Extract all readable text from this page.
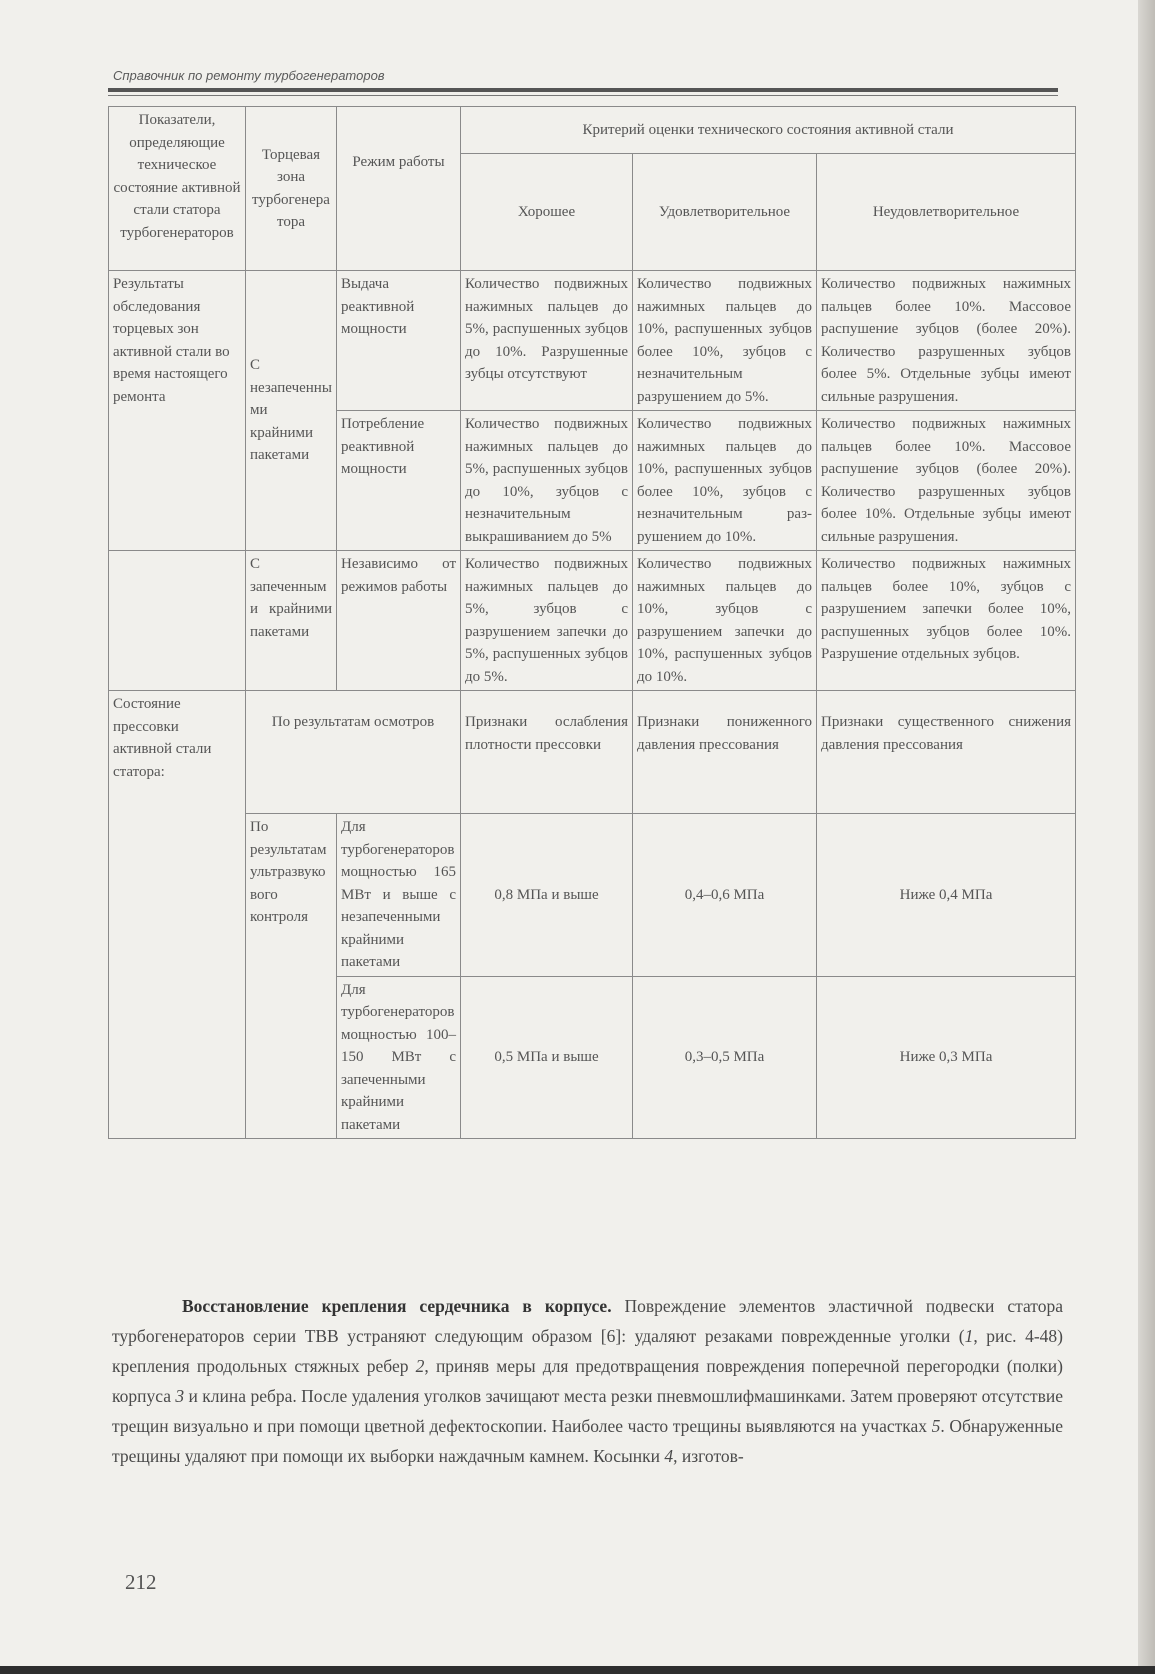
Справочник по ремонту турбогенераторов
Показатели, определяющие техническое состояние активной стали статора турбогенераторов	Торцевая зона турбогенератора	Режим работы	Критерий оценки технического состояния активной стали		
			Хорошее	Удовлетворительное	Неудовлетворительное
Результаты обследования торцевых зон активной стали во время настоящего ремонта	С незапеченными крайними пакетами	Выдача реактивной мощности	Количество подвижных нажимных пальцев до 5%, распушенных зубцов до 10%. Разрушенные зубцы отсутствуют	Количество подвижных нажимных пальцев до 10%, распушенных зубцов более 10%, зубцов с незначительным разрушением до 5%.	Количество подвижных нажимных пальцев более 10%. Массовое распушение зубцов (более 20%). Количество разрушенных зубцов более 5%. Отдельные зубцы имеют сильные разрушения.
		Потребление реактивной мощности	Количество подвижных нажимных пальцев до 5%, распушенных зубцов до 10%, зубцов с незначительным выкрашиванием до 5%	Количество подвижных нажимных пальцев до 10%, распушенных зубцов более 10%, зубцов с незначительным раз-рушением до 10%.	Количество подвижных нажимных пальцев более 10%. Массовое распушение зубцов (более 20%). Количество разрушенных зубцов более 10%. Отдельные зубцы имеют сильные разрушения.
	С запеченными крайними пакетами	Независимо от режимов работы	Количество подвижных нажимных пальцев до 5%, зубцов с разрушением запечки до 5%, распушенных зубцов до 5%.	Количество подвижных нажимных пальцев до 10%, зубцов с разрушением запечки до 10%, распушенных зубцов до 10%.	Количество подвижных нажимных пальцев более 10%, зубцов с разрушением запечки более 10%, распушенных зубцов более 10%. Разрушение отдельных зубцов.
Состояние прессовки активной стали статора:	По результатам осмотров		Признаки ослабления плотности прессовки	Признаки пониженного давления прессования	Признаки существенного снижения давления прессования
	По результатам ультразвукового контроля	Для турбогенераторов мощностью 165 МВт и выше с незапеченными крайними пакетами	0,8 МПа и выше	0,4–0,6 МПа	Ниже 0,4 МПа
		Для турбогенераторов мощностью 100–150 МВт с запеченными крайними пакетами	0,5 МПа и выше	0,3–0,5 МПа	Ниже 0,3 МПа
Восстановление крепления сердечника в корпусе. Повреждение элементов эластичной подвески статора турбогенераторов серии ТВВ устраняют следующим образом [6]: удаляют резаками поврежденные уголки (1, рис. 4-48) крепления продольных стяжных ребер 2, приняв меры для предотвращения повреждения поперечной перегородки (полки) корпуса 3 и клина ребра. После удаления уголков зачищают места резки пневмошлифмашинками. Затем проверяют отсутствие трещин визуально и при помощи цветной дефектоскопии. Наиболее часто трещины выявляются на участках 5. Обнаруженные трещины удаляют при помощи их выборки наждачным камнем. Косынки 4, изготов-
212
